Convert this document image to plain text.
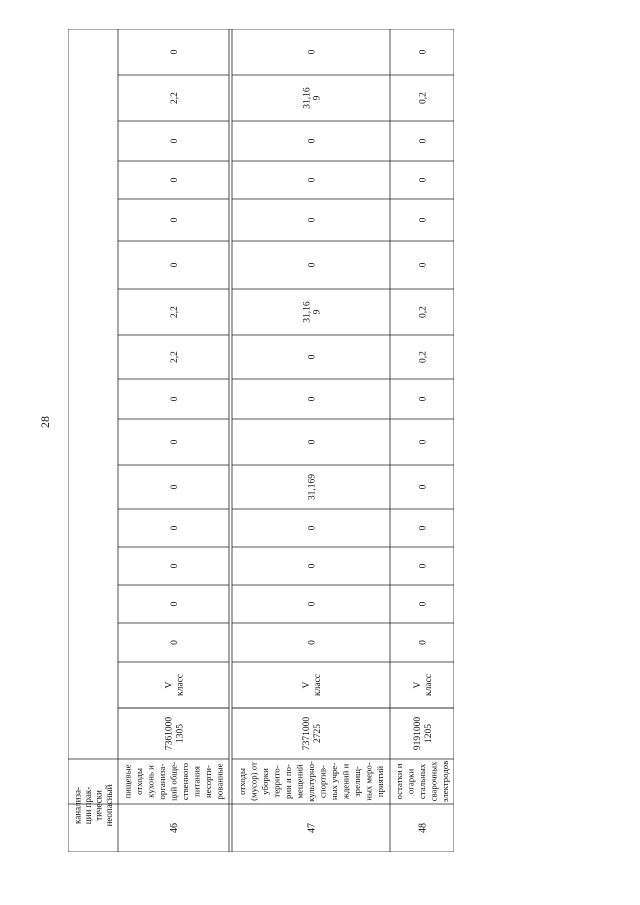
28
канализа- ции прак- тически неопасный
0
2,2
0
0
0
0
2,2
2,2
0
0
0
0
0
0
0
V класс
7361000 1305
пищевые отходы кухонь и организа- ций обще- ственного питания несорти- рованные
46
0
31,16 9
0
0
0
0
31,16 9
0
0
0
31,169
0
0
0
0
V класс
7371000 2725
отходы (мусор) от уборки террито- рии и по- мещений культурно- спортив- ных учре- ждений и зрелищ- ных меро- приятий
47
0
0,2
0
0
0
0
0,2
0,2
0
0
0
0
0
0
0
V класс
9191000 1205
остатки и огарки стальных сварочных электродов
48
